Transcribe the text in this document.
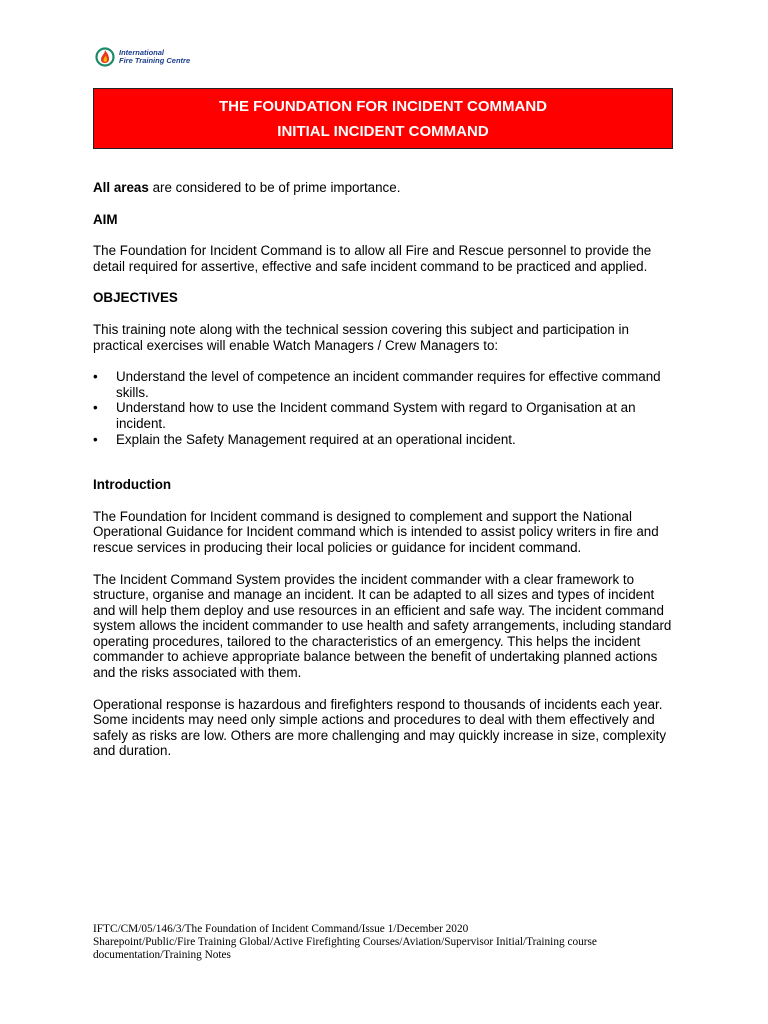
International
Fire Training Centre
THE FOUNDATION FOR INCIDENT COMMAND
INITIAL INCIDENT COMMAND

All areas are considered to be of prime importance.

AIM

The Foundation for Incident Command is to allow all Fire and Rescue personnel to provide the detail required for assertive, effective and safe incident command to be practiced and applied.

OBJECTIVES

This training note along with the technical session covering this subject and participation in practical exercises will enable Watch Managers / Crew Managers to:

• Understand the level of competence an incident commander requires for effective command skills.
• Understand how to use the Incident command System with regard to Organisation at an incident.
• Explain the Safety Management required at an operational incident.

Introduction

The Foundation for Incident command is designed to complement and support the National Operational Guidance for Incident command which is intended to assist policy writers in fire and rescue services in producing their local policies or guidance for incident command.

The Incident Command System provides the incident commander with a clear framework to structure, organise and manage an incident. It can be adapted to all sizes and types of incident and will help them deploy and use resources in an efficient and safe way. The incident command system allows the incident commander to use health and safety arrangements, including standard operating procedures, tailored to the characteristics of an emergency. This helps the incident commander to achieve appropriate balance between the benefit of undertaking planned actions and the risks associated with them.

Operational response is hazardous and firefighters respond to thousands of incidents each year. Some incidents may need only simple actions and procedures to deal with them effectively and safely as risks are low. Others are more challenging and may quickly increase in size, complexity and duration.

IFTC/CM/05/146/3/The Foundation of Incident Command/Issue 1/December 2020

Sharepoint/Public/Fire Training Global/Active Firefighting Courses/Aviation/Supervisor Initial/Training course documentation/Training Notes
